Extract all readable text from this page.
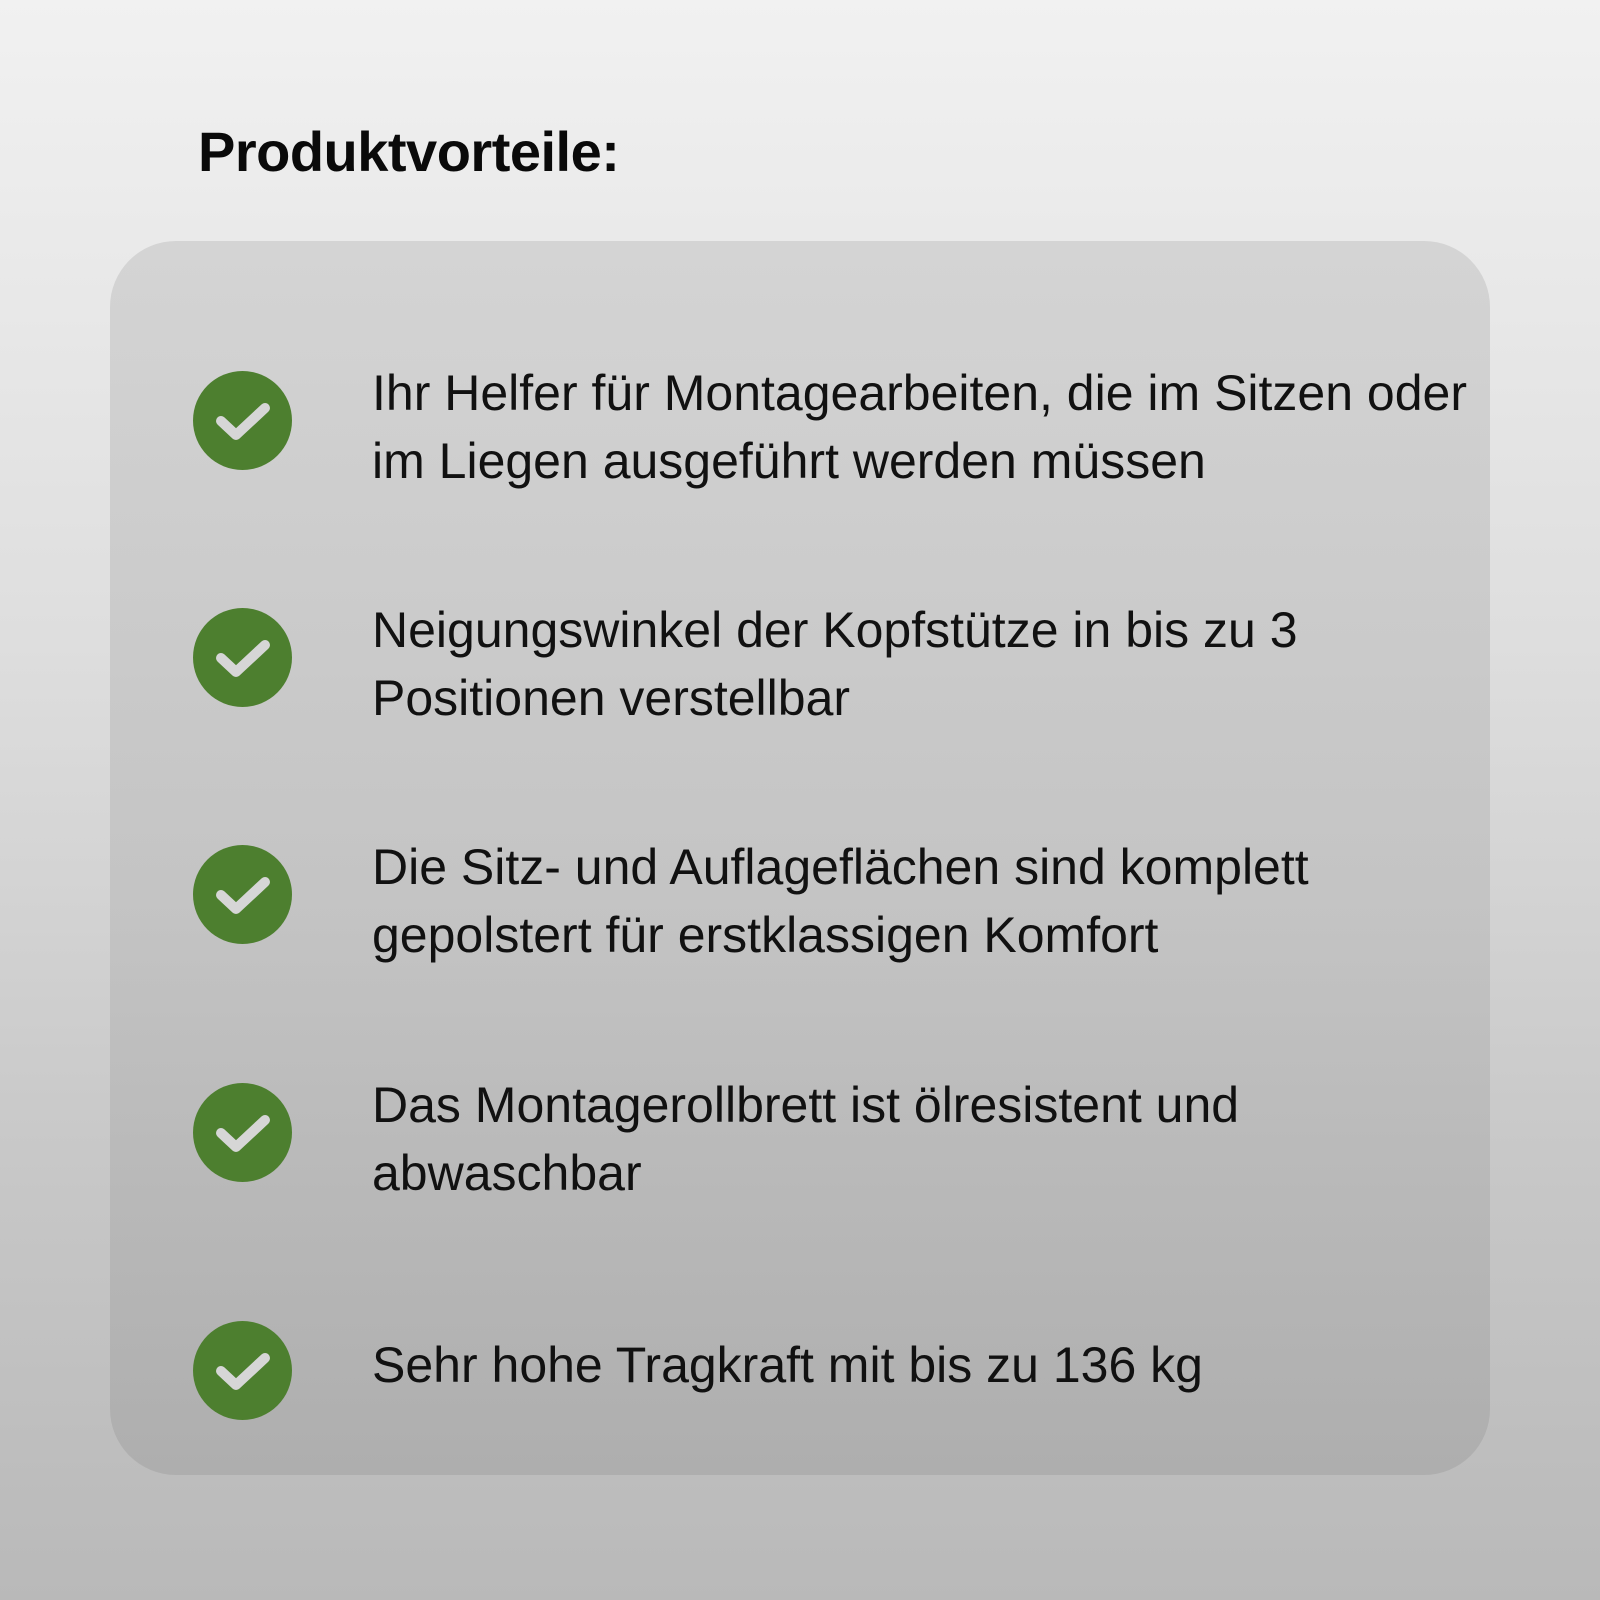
Produktvorteile:

Ihr Helfer für Montagearbeiten, die im Sitzen oder im Liegen ausgeführt werden müssen

Neigungswinkel der Kopfstütze in bis zu 3 Positionen verstellbar

Die Sitz- und Auflageflächen sind komplett gepolstert für erstklassigen Komfort

Das Montagerollbrett ist ölresistent und abwaschbar

Sehr hohe Tragkraft mit bis zu 136 kg
